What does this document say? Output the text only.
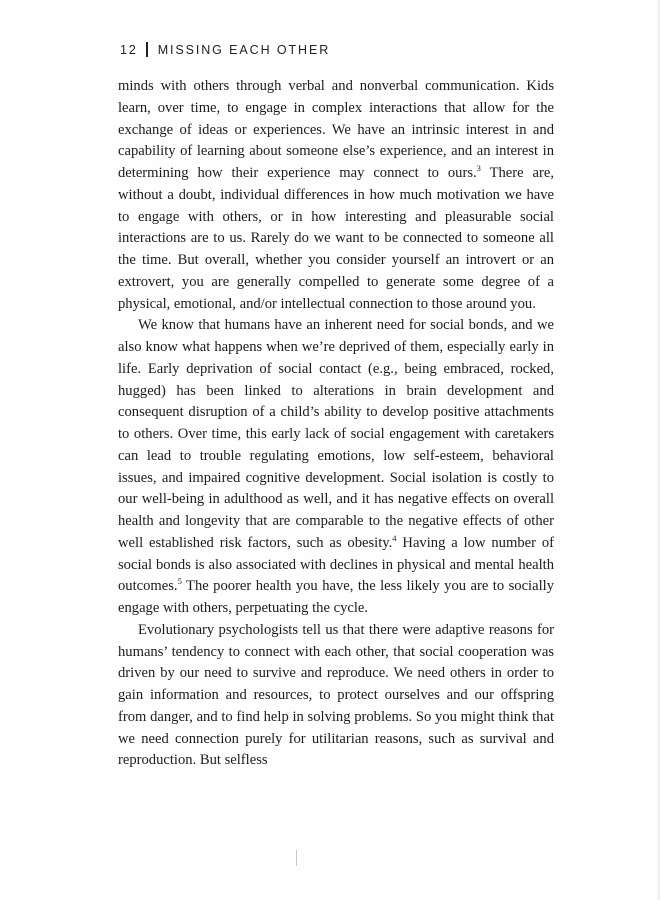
12 MISSING EACH OTHER

minds with others through verbal and nonverbal communication. Kids learn, over time, to engage in complex interactions that allow for the exchange of ideas or experiences. We have an intrinsic interest in and capability of learning about someone else’s experience, and an interest in determining how their experience may connect to ours.$^3$ There are, without a doubt, individual differences in how much motivation we have to engage with others, or in how interesting and pleasurable social interactions are to us. Rarely do we want to be connected to someone all the time. But overall, whether you consider yourself an introvert or an extrovert, you are generally compelled to generate some degree of a physical, emotional, and/or intellectual connection to those around you.

We know that humans have an inherent need for social bonds, and we also know what happens when we’re deprived of them, especially early in life. Early deprivation of social contact (e.g., being embraced, rocked, hugged) has been linked to alterations in brain development and consequent disruption of a child’s ability to develop positive attachments to others. Over time, this early lack of social engagement with caretakers can lead to trouble regulating emotions, low self-esteem, behavioral issues, and impaired cognitive development. Social isolation is costly to our well-being in adulthood as well, and it has negative effects on overall health and longevity that are comparable to the negative effects of other well established risk factors, such as obesity.$^4$ Having a low number of social bonds is also associated with declines in physical and mental health outcomes.$^5$ The poorer health you have, the less likely you are to socially engage with others, perpetuating the cycle.

Evolutionary psychologists tell us that there were adaptive reasons for humans’ tendency to connect with each other, that social cooperation was driven by our need to survive and reproduce. We need others in order to gain information and resources, to protect ourselves and our offspring from danger, and to find help in solving problems. So you might think that we need connection purely for utilitarian reasons, such as survival and reproduction. But selfless
